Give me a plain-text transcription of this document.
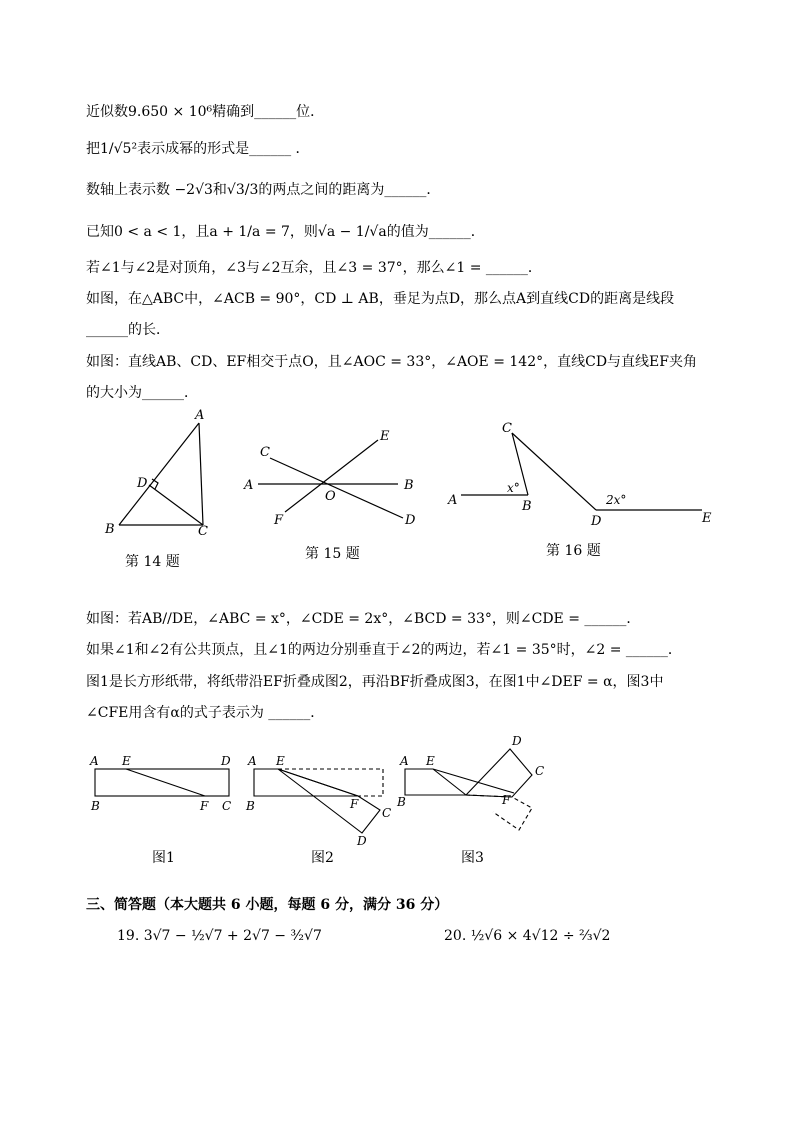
近似数9.650 × 10⁶精确到______位．
把1/√5²表示成幂的形式是______ ．
数轴上表示数 −2√3和√3/3的两点之间的距离为______．
已知0 < a < 1，且a + 1/a = 7，则√a − 1/√a的值为______．
若∠1与∠2是对顶角，∠3与∠2互余，且∠3 = 37°，那么∠1 = ______．
如图，在△ABC中，∠ACB = 90°，CD ⊥ AB，垂足为点D，那么点A到直线CD的距离是线段
______的长．
如图：直线AB、CD、EF相交于点O，且∠AOC = 33°，∠AOE = 142°，直线CD与直线EF夹角
的大小为______．
A
D
B	C
C
E
A	B
O
F	D
C
A
x°
B	2x°
D	E
第 14 题	第 15 题	第 16 题
如图：若AB//DE，∠ABC = x°，∠CDE = 2x°，∠BCD = 33°，则∠CDE = ______．
如果∠1和∠2有公共顶点，且∠1的两边分别垂直于∠2的两边，若∠1 = 35°时，∠2 = ______．
图1是长方形纸带，将纸带沿EF折叠成图2，再沿BF折叠成图3，在图1中∠DEF = α，图3中
∠CFE用含有α的式子表示为 ______．
A E	D
B	F C
A E
B	F
C
D
A E
D
C
B	F
图1	图2	图3
三、简答题（本大题共 6 小题，每题 6 分，满分 36 分）
19. 3√7 − ½√7 + 2√7 − ³⁄₂√7	20. ½√6 × 4√12 ÷ ⅔√2
